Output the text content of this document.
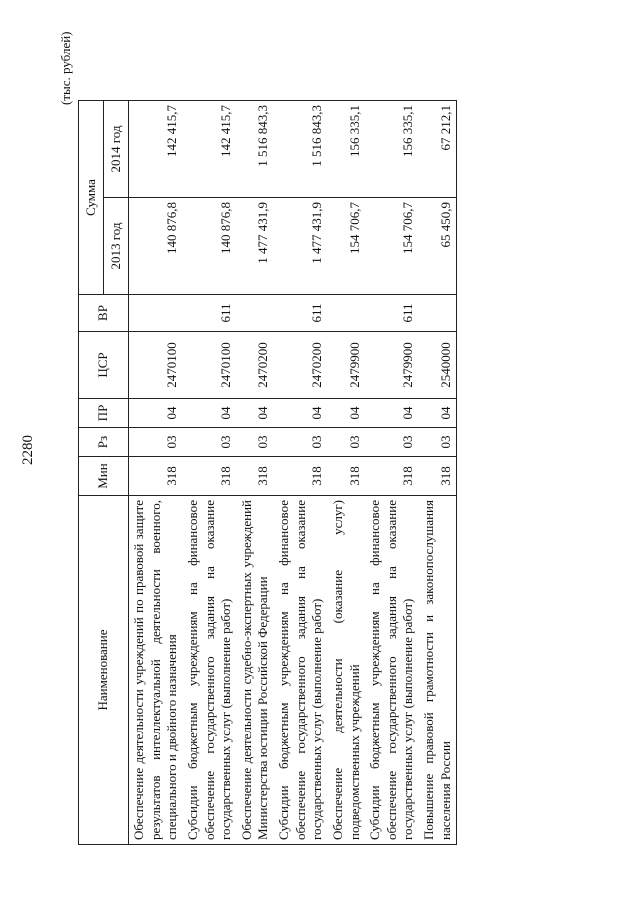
2280
(тыс. рублей)
Наименование	Мин	Рз	ПР	ЦСР	ВР	Сумма	
						2013 год	2014 год
Обеспечение деятельности учреждений по правовой защите результатов интеллектуальной деятельности военного, специального и двойного назначения	318	03	04	2470100		140 876,8	142 415,7
Субсидии бюджетным учреждениям на финансовое обеспечение государственного задания на оказание государственных услуг (выполнение работ)	318	03	04	2470100	611	140 876,8	142 415,7
Обеспечение деятельности судебно-экспертных учреждений Министерства юстиции Российской Федерации	318	03	04	2470200		1 477 431,9	1 516 843,3
Субсидии бюджетным учреждениям на финансовое обеспечение государственного задания на оказание государственных услуг (выполнение работ)	318	03	04	2470200	611	1 477 431,9	1 516 843,3
Обеспечение деятельности (оказание услуг) подведомственных учреждений	318	03	04	2479900		154 706,7	156 335,1
Субсидии бюджетным учреждениям на финансовое обеспечение государственного задания на оказание государственных услуг (выполнение работ)	318	03	04	2479900	611	154 706,7	156 335,1
Повышение правовой грамотности и законопослушания населения России	318	03	04	2540000		65 450,9	67 212,1
